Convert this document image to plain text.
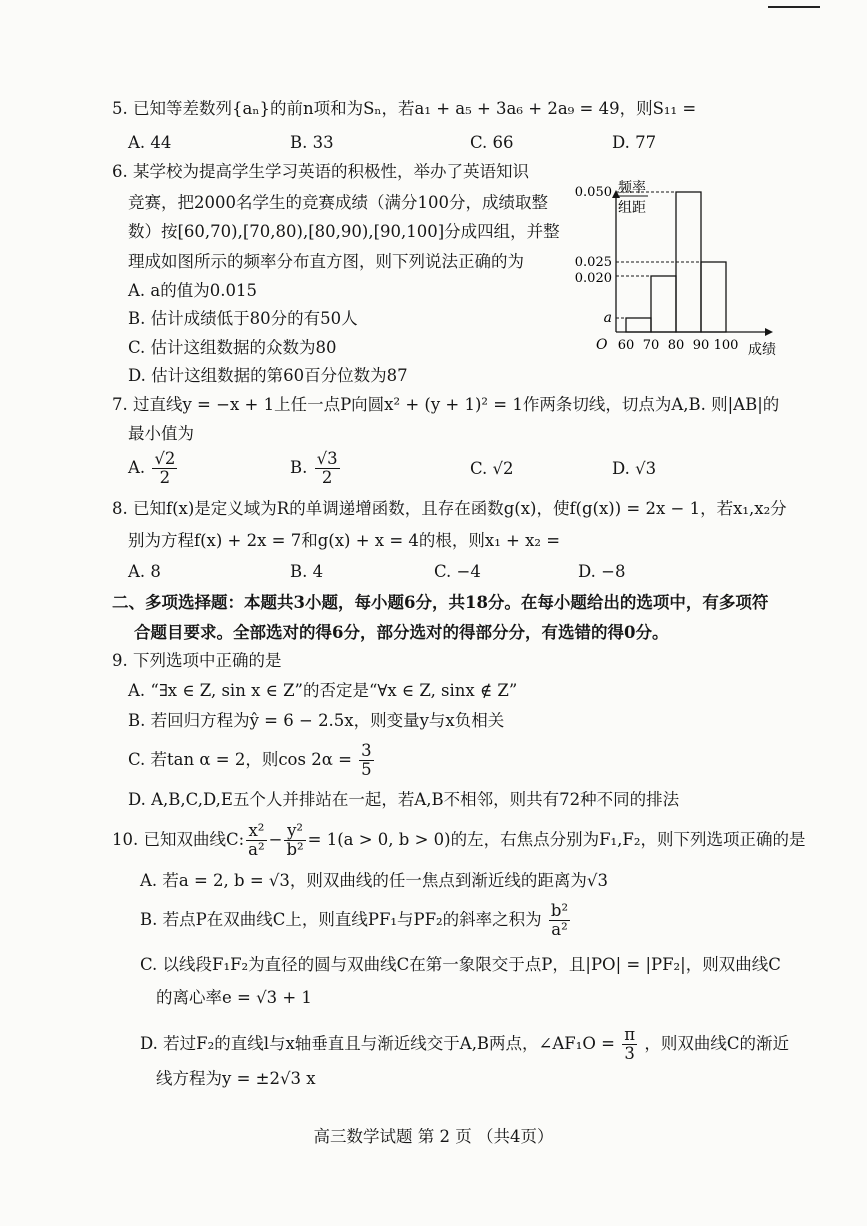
5. 已知等差数列{aₙ}的前n项和为Sₙ，若a₁ + a₅ + 3a₆ + 2a₉ = 49，则S₁₁ =
A. 44	B. 33	C. 66	D. 77
6. 某学校为提高学生学习英语的积极性，举办了英语知识
竞赛，把2000名学生的竞赛成绩（满分100分，成绩取整
数）按[60,70),[70,80),[80,90),[90,100]分成四组，并整
理成如图所示的频率分布直方图，则下列说法正确的为
A. a的值为0.015
B. 估计成绩低于80分的有50人
C. 估计这组数据的众数为80
D. 估计这组数据的第60百分位数为87
a
0.020
0.025
0.050
60 70 80 90 100
O	成绩
频率
组距
7. 过直线y = −x + 1上任一点P向圆x² + (y + 1)² = 1作两条切线，切点为A,B. 则|AB|的
最小值为
A. $\frac{√2}{2}$	B. $\frac{√3}{2}$	C. √2	D. √3
8. 已知f(x)是定义域为R的单调递增函数，且存在函数g(x)，使f(g(x)) = 2x − 1，若x₁,x₂分
别为方程f(x) + 2x = 7和g(x) + x = 4的根，则x₁ + x₂ =
A. 8	B. 4	C. −4	D. −8
二、多项选择题：本题共3小题，每小题6分，共18分。在每小题给出的选项中，有多项符
合题目要求。全部选对的得6分，部分选对的得部分分，有选错的得0分。
9. 下列选项中正确的是
A. “∃x ∈ Z, sin x ∈ Z”的否定是“∀x ∈ Z, sinx ∉ Z”
B. 若回归方程为ŷ = 6 − 2.5x，则变量y与x负相关
C. 若tan α = 2，则$\cos 2\alpha = \frac{3}{5}$
D. A,B,C,D,E五个人并排站在一起，若A,B不相邻，则共有72种不同的排法
10. 已知双曲线C: $\frac{\text{x²}}{\text{a²}} - \frac{\text{y²}}{\text{b²}} = 1(a > 0$, b > 0)的左，右焦点分别为F₁,F₂，则下列选项正确的是
A. 若a = 2, b = √3，则双曲线的任一焦点到渐近线的距离为√3
B. 若点P在双曲线C上，则直线PF₁与PF₂的斜率之积为 $\frac{\text{b²}}{\text{a²}}$
C. 以线段F₁F₂为直径的圆与双曲线C在第一象限交于点P，且|PO| = |PF₂|，则双曲线C
的离心率e = √3 + 1
D. 若过F₂的直线l与x轴垂直且与渐近线交于A,B两点，∠AF₁O = $\frac{\pi}{3}$ ，则双曲线C的渐近
线方程为y = ±2√3 x
高三数学试题 第 2 页 （共4页）
